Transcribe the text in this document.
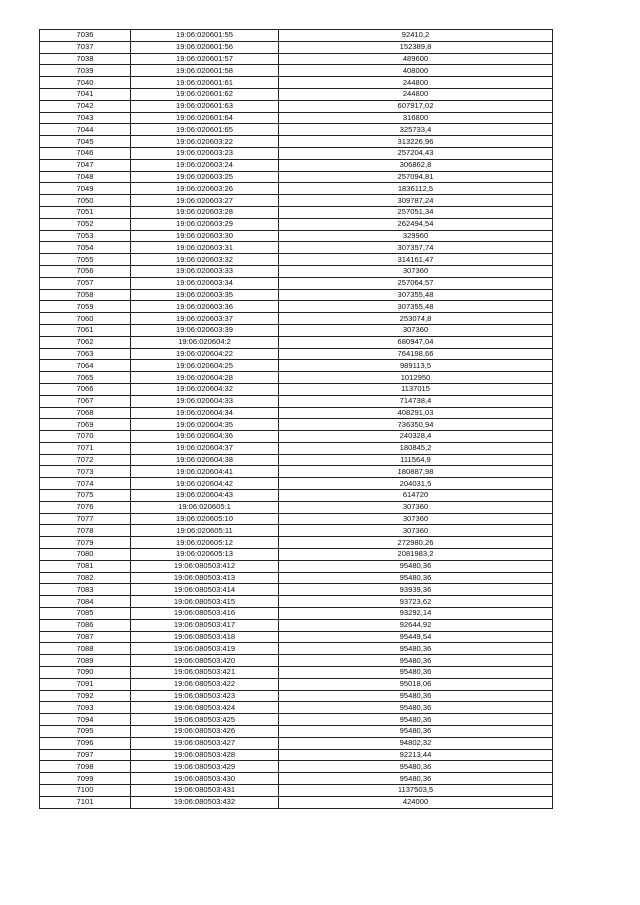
7036	19:06:020601:55	92410,2
7037	19:06:020601:56	152389,8
7038	19:06:020601:57	489600
7039	19:06:020601:58	408000
7040	19:06:020601:61	244800
7041	19:06:020601:62	244800
7042	19:06:020601:63	607917,02
7043	19:06:020601:64	316800
7044	19:06:020601:65	325733,4
7045	19:06:020603:22	313226,96
7046	19:06:020603:23	257204,43
7047	19:06:020603:24	306862,8
7048	19:06:020603:25	257094,81
7049	19:06:020603:26	1836112,5
7050	19:06:020603:27	309787,24
7051	19:06:020603:28	257051,34
7052	19:06:020603:29	262494,54
7053	19:06:020603:30	329960
7054	19:06:020603:31	307357,74
7055	19:06:020603:32	314161,47
7056	19:06:020603:33	307360
7057	19:06:020603:34	257064,57
7058	19:06:020603:35	307355,48
7059	19:06:020603:36	307355,48
7060	19:06:020603:37	253074,8
7061	19:06:020603:39	307360
7062	19:06:020604:2	680947,04
7063	19:06:020604:22	764198,66
7064	19:06:020604:25	989113,5
7065	19:06:020604:28	1012950
7066	19:06:020604:32	1137015
7067	19:06:020604:33	714738,4
7068	19:06:020604:34	408291,03
7069	19:06:020604:35	736350,94
7070	19:06:020604:36	240328,4
7071	19:06:020604:37	180845,2
7072	19:06:020604:38	111564,9
7073	19:06:020604:41	180887,98
7074	19:06:020604:42	204031,5
7075	19:06:020604:43	614720
7076	19:06:020605:1	307360
7077	19:06:020605:10	307360
7078	19:06:020605:11	307360
7079	19:06:020605:12	272980,26
7080	19:06:020605:13	2081983,2
7081	19:06:080503:412	95480,36
7082	19:06:080503:413	95480,36
7083	19:06:080503:414	93939,36
7084	19:06:080503:415	93723,62
7085	19:06:080503:416	93292,14
7086	19:06:080503:417	92644,92
7087	19:06:080503:418	95449,54
7088	19:06:080503:419	95480,36
7089	19:06:080503:420	95480,36
7090	19:06:080503:421	95480,36
7091	19:06:080503:422	95018,06
7092	19:06:080503:423	95480,36
7093	19:06:080503:424	95480,36
7094	19:06:080503:425	95480,36
7095	19:06:080503:426	95480,36
7096	19:06:080503:427	94802,32
7097	19:06:080503:428	92213,44
7098	19:06:080503:429	95480,36
7099	19:06:080503:430	95480,36
7100	19:06:080503:431	1137503,5
7101	19:06:080503:432	424000
